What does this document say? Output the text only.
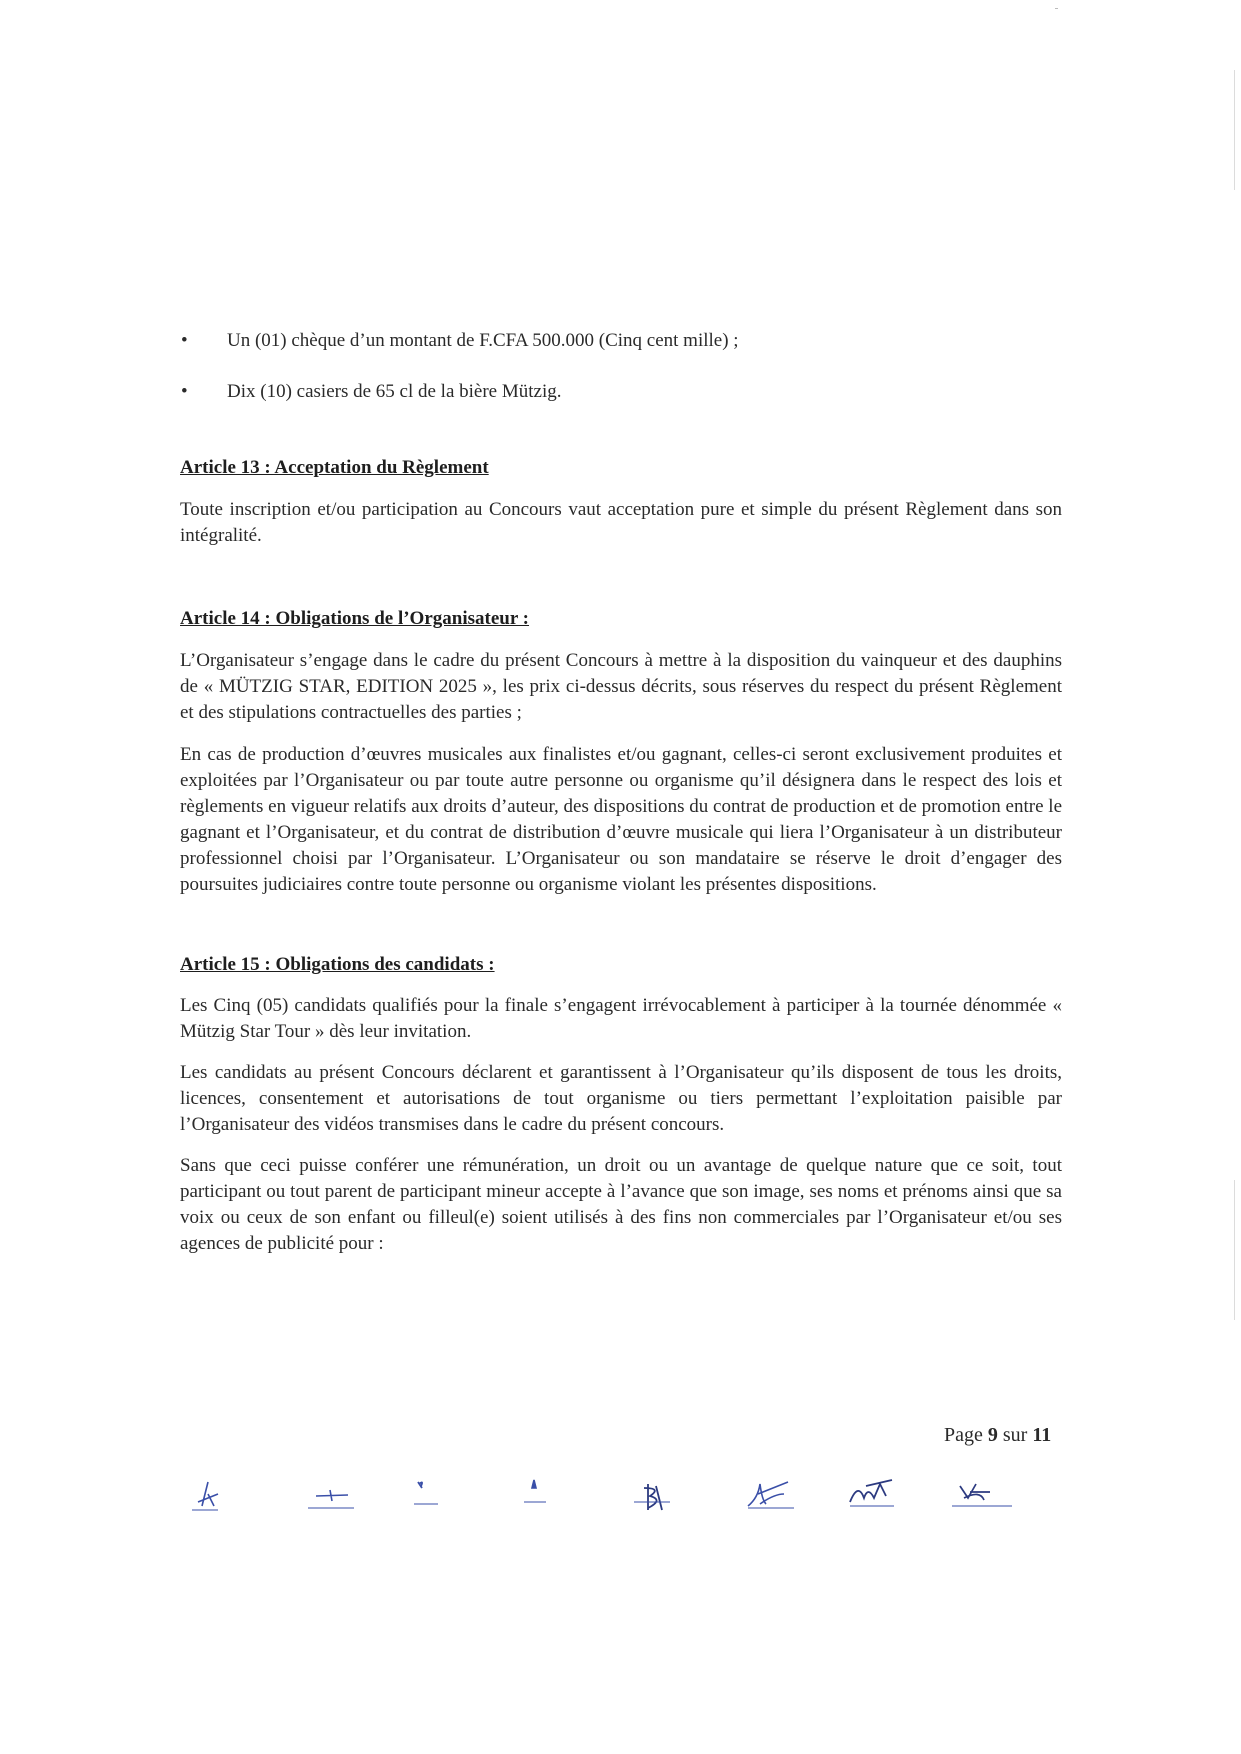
• Un (01) chèque d’un montant de F.CFA 500.000 (Cinq cent mille) ;
• Dix (10) casiers de 65 cl de la bière Mützig.
Article 13 : Acceptation du Règlement

Toute inscription et/ou participation au Concours vaut acceptation pure et simple du présent Règlement dans son intégralité.

Article 14 : Obligations de l’Organisateur :

L’Organisateur s’engage dans le cadre du présent Concours à mettre à la disposition du vainqueur et des dauphins de « MÜTZIG STAR, EDITION 2025 », les prix ci-dessus décrits, sous réserves du respect du présent Règlement et des stipulations contractuelles des parties ;

En cas de production d’œuvres musicales aux finalistes et/ou gagnant, celles-ci seront exclusivement produites et exploitées par l’Organisateur ou par toute autre personne ou organisme qu’il désignera dans le respect des lois et règlements en vigueur relatifs aux droits d’auteur, des dispositions du contrat de production et de promotion entre le gagnant et l’Organisateur, et du contrat de distribution d’œuvre musicale qui liera l’Organisateur à un distributeur professionnel choisi par l’Organisateur. L’Organisateur ou son mandataire se réserve le droit d’engager des poursuites judiciaires contre toute personne ou organisme violant les présentes dispositions.

Article 15 : Obligations des candidats :

Les Cinq (05) candidats qualifiés pour la finale s’engagent irrévocablement à participer à la tournée dénommée « Mützig Star Tour » dès leur invitation.

Les candidats au présent Concours déclarent et garantissent à l’Organisateur qu’ils disposent de tous les droits, licences, consentement et autorisations de tout organisme ou tiers permettant l’exploitation paisible par l’Organisateur des vidéos transmises dans le cadre du présent concours.

Sans que ceci puisse conférer une rémunération, un droit ou un avantage de quelque nature que ce soit, tout participant ou tout parent de participant mineur accepte à l’avance que son image, ses noms et prénoms ainsi que sa voix ou ceux de son enfant ou filleul(e) soient utilisés à des fins non commerciales par l’Organisateur et/ou ses agences de publicité pour :

Page 9 sur 11
